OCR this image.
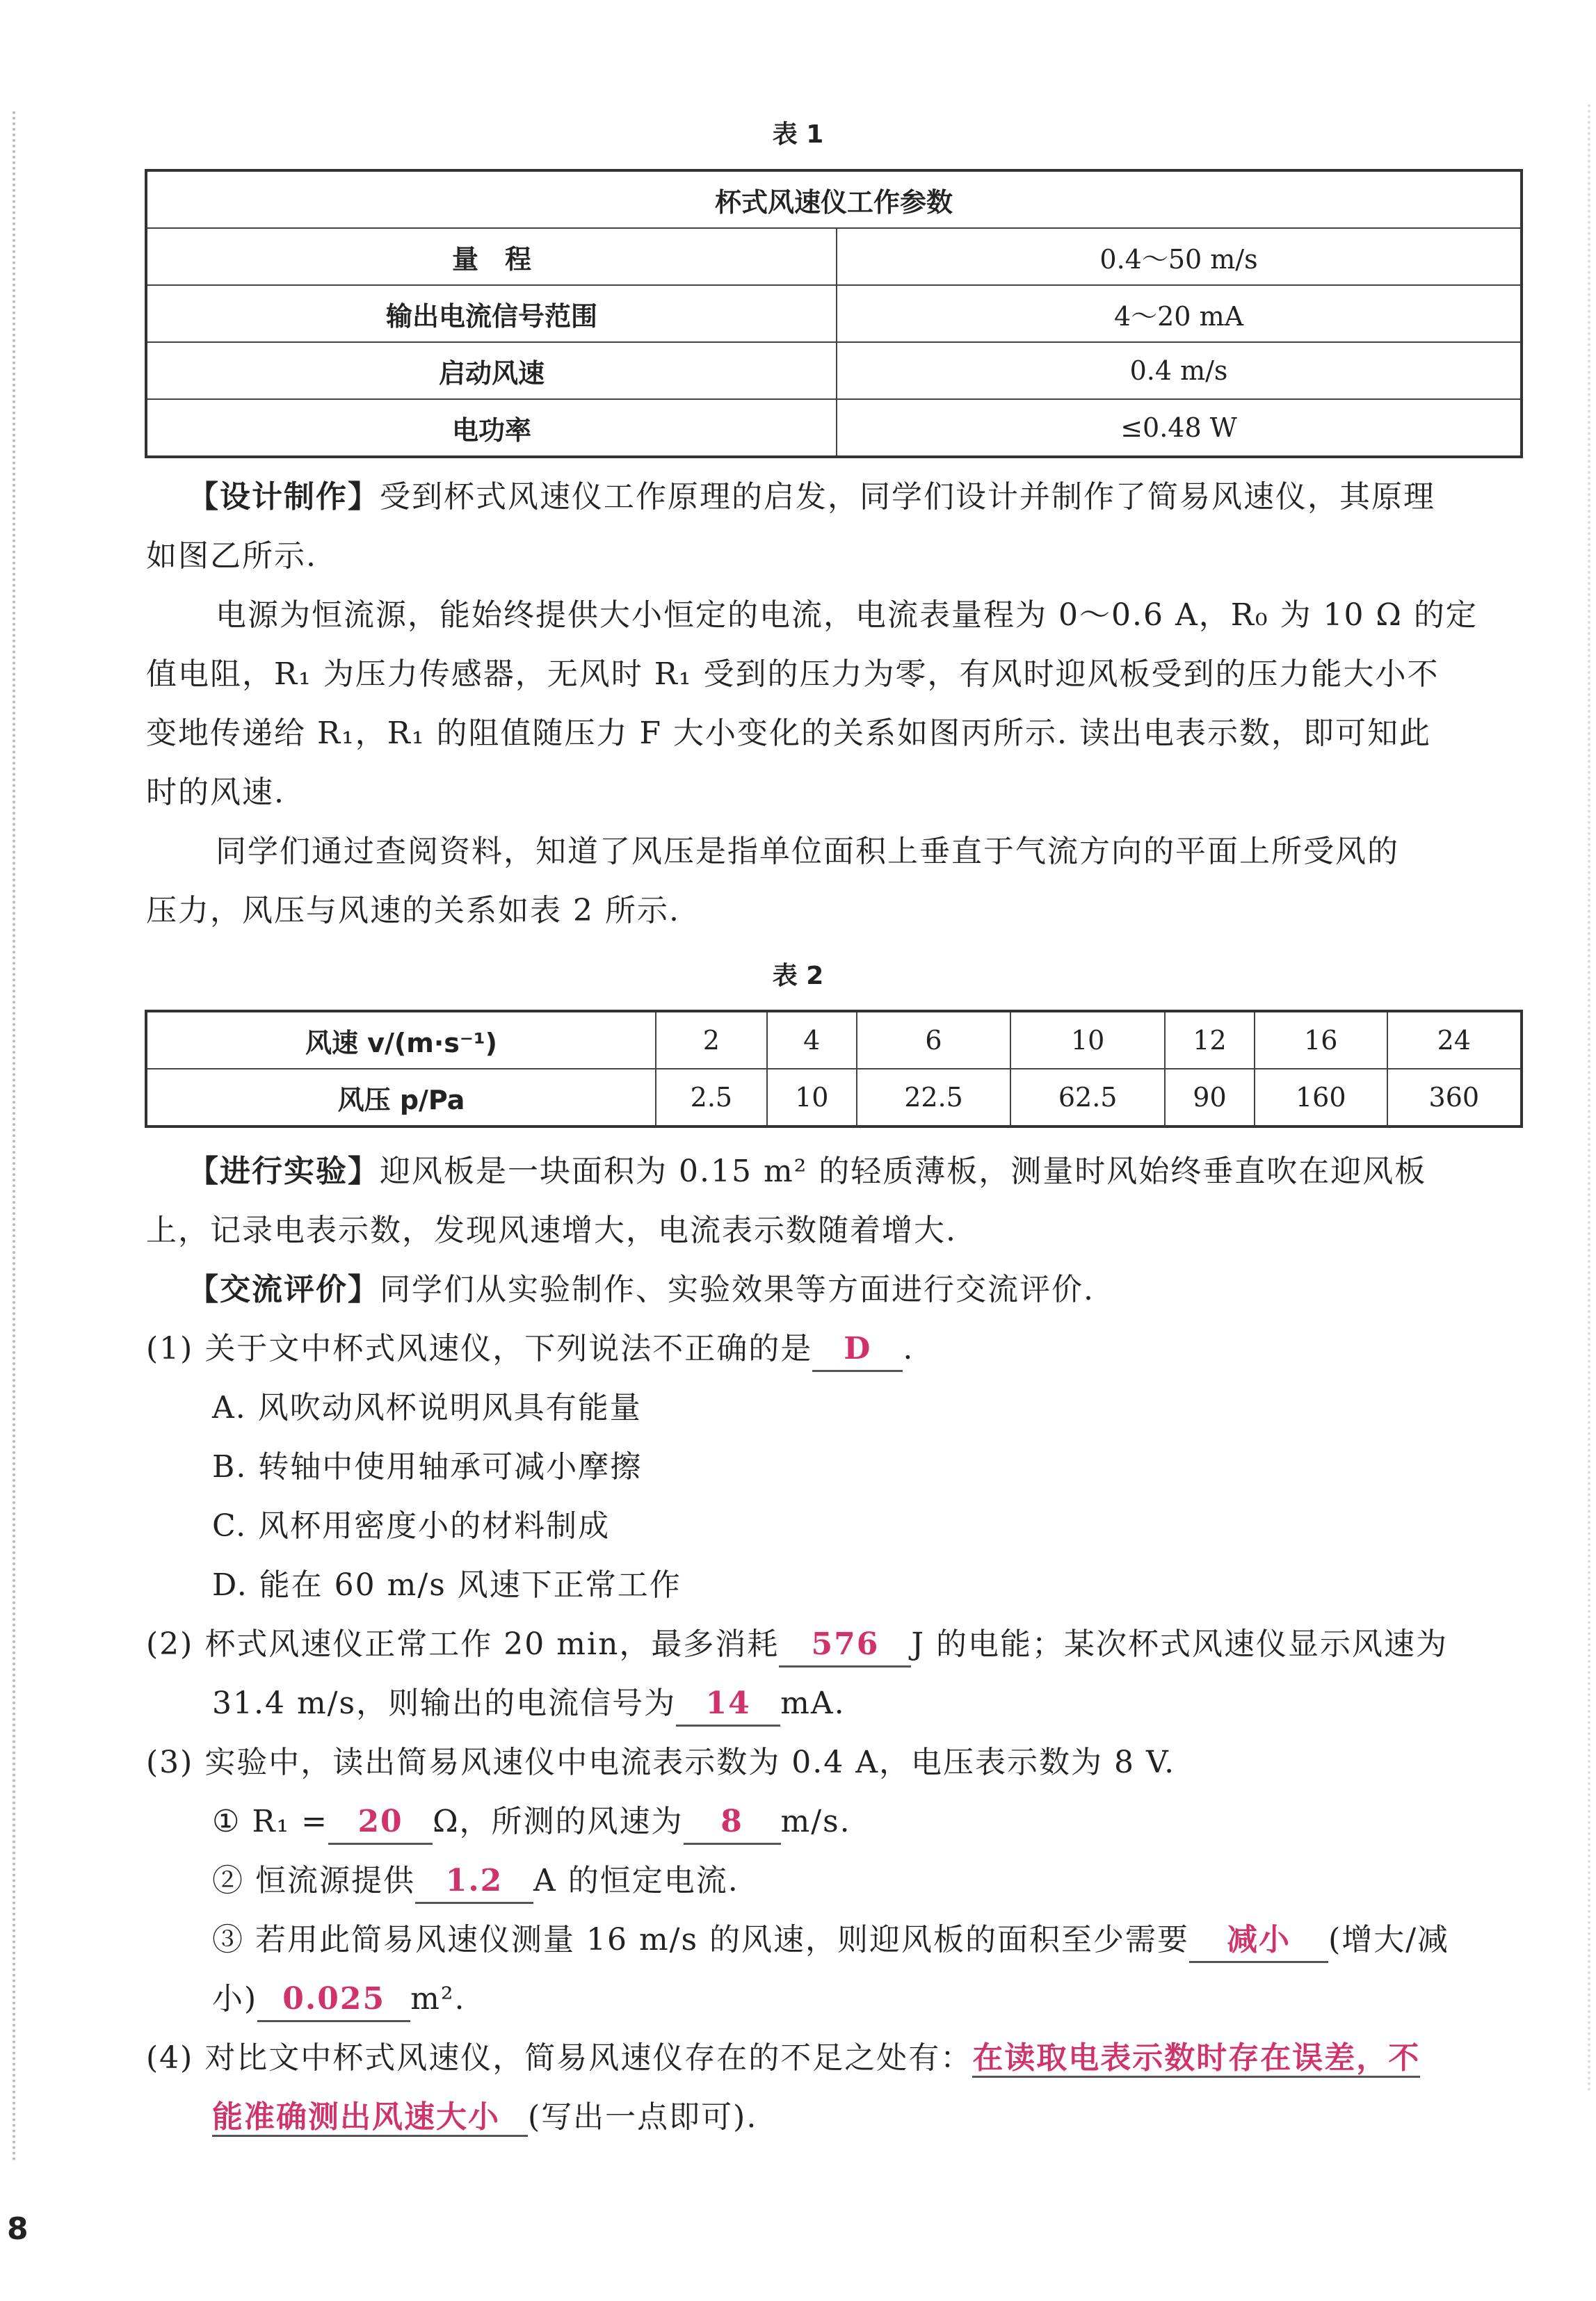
表 1
杯式风速仪工作参数	
量　程	0.4～50 m/s
输出电流信号范围	4～20 mA
启动风速	0.4 m/s
电功率	≤0.48 W
【设计制作】受到杯式风速仪工作原理的启发，同学们设计并制作了简易风速仪，其原理
如图乙所示.
电源为恒流源，能始终提供大小恒定的电流，电流表量程为 0～0.6 A，R₀ 为 10 Ω 的定
值电阻，R₁ 为压力传感器，无风时 R₁ 受到的压力为零，有风时迎风板受到的压力能大小不
变地传递给 R₁，R₁ 的阻值随压力 F 大小变化的关系如图丙所示. 读出电表示数，即可知此
时的风速.
同学们通过查阅资料，知道了风压是指单位面积上垂直于气流方向的平面上所受风的
压力，风压与风速的关系如表 2 所示.
表 2
风速 v/(m·s⁻¹)	2	4	6	10	12	16	24
风压 p/Pa	2.5	10	22.5	62.5	90	160	360
【进行实验】迎风板是一块面积为 0.15 m² 的轻质薄板，测量时风始终垂直吹在迎风板
上，记录电表示数，发现风速增大，电流表示数随着增大.
【交流评价】同学们从实验制作、实验效果等方面进行交流评价.
(1) 关于文中杯式风速仪，下列说法不正确的是 D .
A. 风吹动风杯说明风具有能量
B. 转轴中使用轴承可减小摩擦
C. 风杯用密度小的材料制成
D. 能在 60 m/s 风速下正常工作
(2) 杯式风速仪正常工作 20 min，最多消耗 576 J 的电能；某次杯式风速仪显示风速为
31.4 m/s，则输出的电流信号为 14 mA.
(3) 实验中，读出简易风速仪中电流表示数为 0.4 A，电压表示数为 8 V.
① R₁ = 20 Ω，所测的风速为 8 m/s.
② 恒流源提供 1.2 A 的恒定电流.
③ 若用此简易风速仪测量 16 m/s 的风速，则迎风板的面积至少需要 减小 (增大/减
小) 0.025 m².
(4) 对比文中杯式风速仪，简易风速仪存在的不足之处有：在读取电表示数时存在误差，不
能准确测出风速大小 (写出一点即可).
8
